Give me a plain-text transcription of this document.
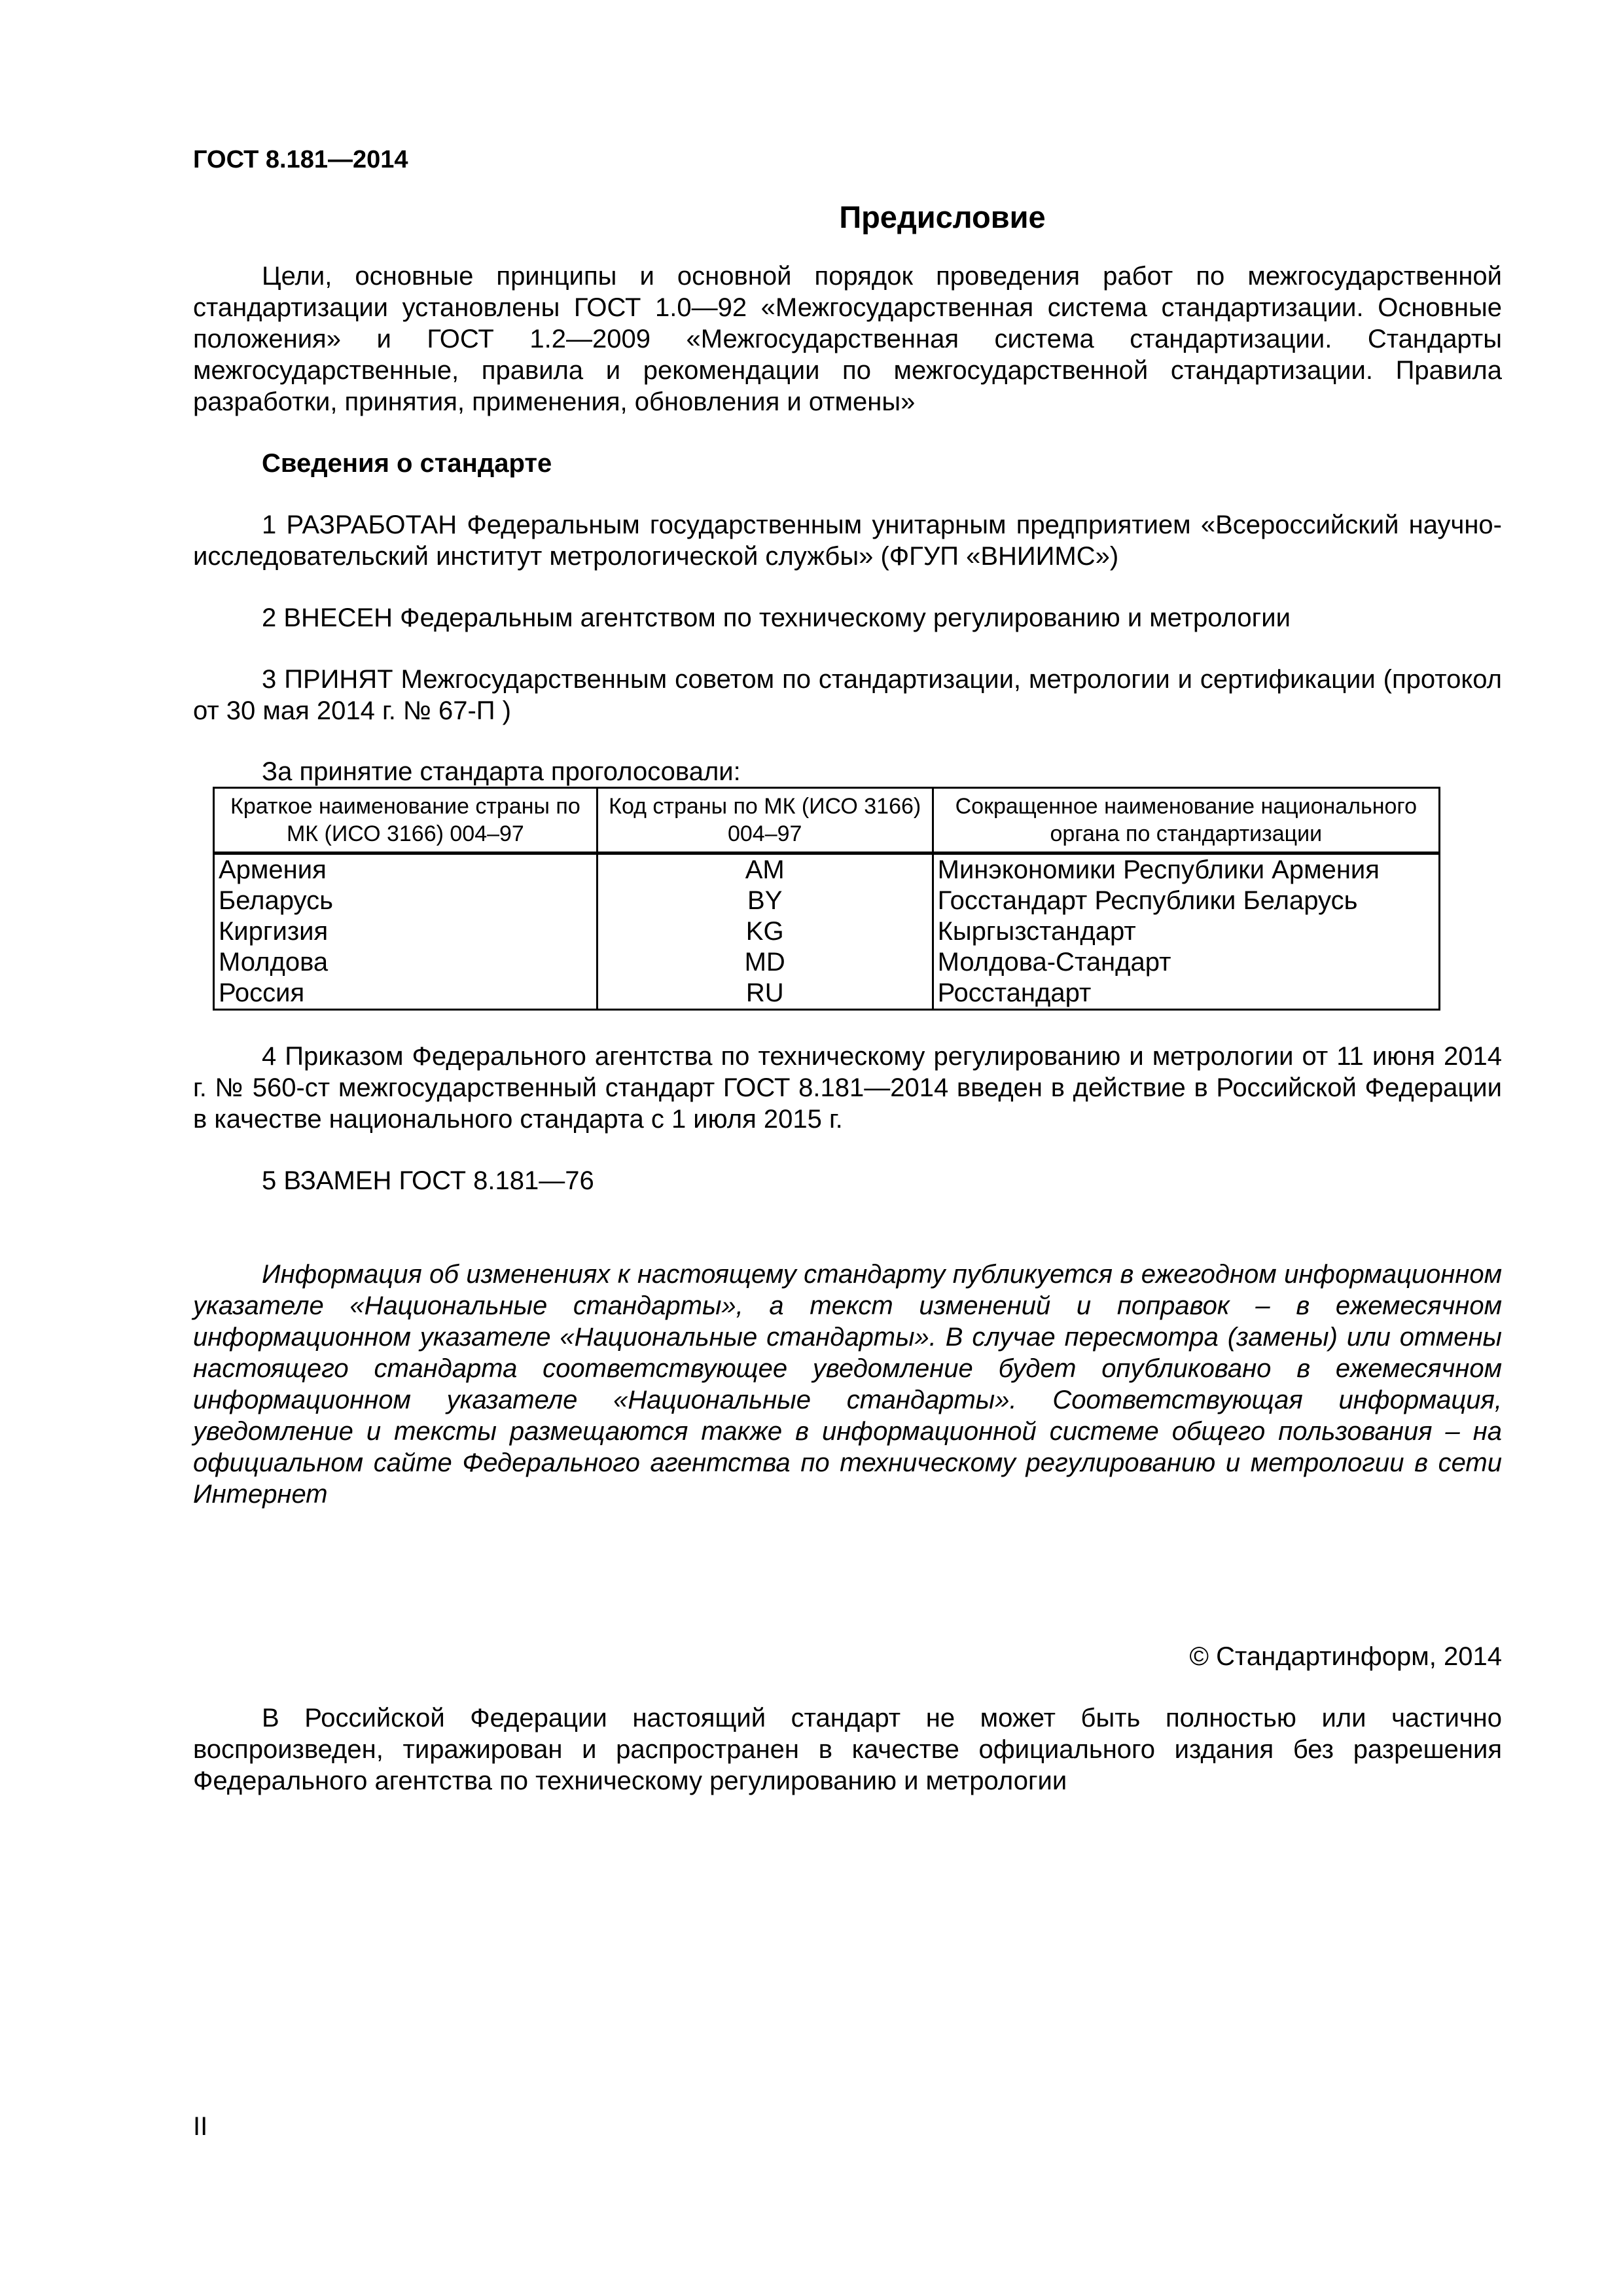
ГОСТ 8.181—2014
Предисловие

Цели, основные принципы и основной порядок проведения работ по межгосударственной стандартизации установлены ГОСТ 1.0—92 «Межгосударственная система стандартизации. Основные положения» и ГОСТ 1.2—2009 «Межгосударственная система стандартизации. Стандарты межгосударственные, правила и рекомендации по межгосударственной стандартизации. Правила разработки, принятия, применения, обновления и отмены»

Сведения о стандарте

1 РАЗРАБОТАН Федеральным государственным унитарным предприятием «Всероссийский научно-исследовательский институт метрологической службы» (ФГУП «ВНИИМС»)

2 ВНЕСЕН Федеральным агентством по техническому регулированию и метрологии

3 ПРИНЯТ Межгосударственным советом по стандартизации, метрологии и сертификации (протокол от 30 мая 2014 г. № 67-П )

За принятие стандарта проголосовали:

Краткое наименование страны по МК (ИСО 3166) 004–97	Код страны по МК (ИСО 3166) 004–97	Сокращенное наименование национального органа по стандартизации
Армения	AM	Минэкономики Республики Армения
Беларусь	BY	Госстандарт Республики Беларусь
Киргизия	KG	Кыргызстандарт
Молдова	MD	Молдова-Стандарт
Россия	RU	Росстандарт

4 Приказом Федерального агентства по техническому регулированию и метрологии от 11 июня 2014 г. № 560-ст межгосударственный стандарт ГОСТ 8.181—2014 введен в действие в Российской Федерации в качестве национального стандарта с 1 июля 2015 г.

5 ВЗАМЕН ГОСТ 8.181—76

Информация об изменениях к настоящему стандарту публикуется в ежегодном информационном указателе «Национальные стандарты», а текст изменений и поправок – в ежемесячном информационном указателе «Национальные стандарты». В случае пересмотра (замены) или отмены настоящего стандарта соответствующее уведомление будет опубликовано в ежемесячном информационном указателе «Национальные стандарты». Соответствующая информация, уведомление и тексты размещаются также в информационной системе общего пользования – на официальном сайте Федерального агентства по техническому регулированию и метрологии в сети Интернет

© Стандартинформ, 2014

В Российской Федерации настоящий стандарт не может быть полностью или частично воспроизведен, тиражирован и распространен в качестве официального издания без разрешения Федерального агентства по техническому регулированию и метрологии

II
